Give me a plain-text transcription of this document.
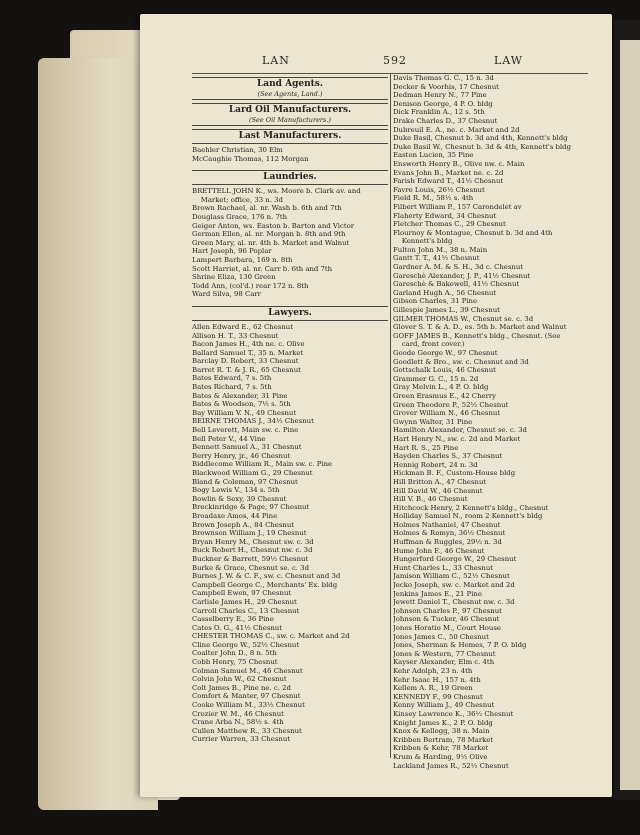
LAN	592	LAW
Land Agents.
(See Agents, Land.)
Lard Oil Manufacturers.
(See Oil Manufacturers.)
Last Manufacturers.
Baehler Christian, 30 Elm
McCaughie Thomas, 112 Morgan
Laundries.
BRETTELL JOHN K., ws. Moore b. Clark av. and
Market; office, 33 n. 3d
Brown Rachael, al. nr. Wash b. 6th and 7th
Douglass Grace, 176 n. 7th
Geiger Anton, ws. Easton b. Barton and Victor
German Ellen, al. nr. Morgan b. 8th and 9th
Green Mary, al. nr. 4th b. Market and Walnut
Hart Joseph, 96 Poplar
Lampert Barbara, 169 n. 8th
Scott Harriet, al. nr. Carr b. 6th and 7th
Shrine Eliza, 130 Green
Todd Ann, (col'd.) rear 172 n. 8th
Ward Silva, 98 Carr
Lawyers.
Allen Edward E., 62 Chesnut
Allison H. T., 33 Chesnut
Bacon James H., 4th ne. c. Olive
Ballard Samuel T., 35 n. Market
Barclay D. Robert, 33 Chesnut
Barret R. T. & J. R., 65 Chesnut
Bates Edward, 7 s. 5th
Bates Richard, 7 s. 5th
Bates & Alexander, 31 Pine
Bates & Woodson, 7½ s. 5th
Bay William V. N., 49 Chesnut
BEIRNE THOMAS J., 34½ Chesnut
Bell Leverett, Main sw. c. Pine
Bell Peter V., 44 Vine
Bennett Samuel A., 31 Chesnut
Berry Henry, jr., 46 Chesnut
Biddlecome William R., Main sw. c. Pine
Blackwood William G., 29 Chesnut
Bland & Coleman, 97 Chesnut
Bogy Lewis V., 134 s. 5th
Bowlin & Sexy, 39 Chesnut
Breckinridge & Page, 97 Chesnut
Broadaxe Amos, 44 Pine
Brown Joseph A., 84 Chesnut
Brownson William J., 19 Chesnut
Bryan Henry M., Chesnut sw. c. 3d
Buck Robert H., Chesnut nw. c. 3d
Buckner & Barrett, 59½ Chesnut
Burke & Grace, Chesnut se. c. 3d
Burnes J. W. & C. F., sw. c. Chesnut and 3d
Campbell George C., Merchants' Ex. bldg
Campbell Ewen, 97 Chesnut
Carlisle James H., 29 Chesnut
Carroll Charles C., 13 Chesnut
Casselberry E., 36 Pine
Cates O. G., 41½ Chesnut
CHESTER THOMAS C., sw. c. Market and 2d
Cline George W., 52½ Chesnut
Coalter John D., 8 n. 5th
Cobb Henry, 75 Chesnut
Colman Samuel M., 46 Chesnut
Colvin John W., 62 Chesnut
Colt James B., Pine ne. c. 2d
Comfort & Manter, 97 Chesnut
Cooke William M., 33½ Chesnut
Crozier W. M., 46 Chesnut
Crane Arba N., 58½ s. 4th
Cullen Matthew R., 33 Chesnut
Currier Warren, 33 Chesnut
Davis Thomas G. C., 15 n. 3d
Decker & Voorhis, 17 Chesnut
Dedman Henry N., 77 Pine
Denison George, 4 P. O. bldg
Dick Franklin A., 12 s. 5th
Drake Charles D., 37 Chesnut
Dubreuil E. A., ne. c. Market and 2d
Duke Basil, Chesnut b. 3d and 4th, Kennett's bldg
Duke Basil W., Chesnut b. 3d & 4th, Kennett's bldg
Easton Lucien, 35 Pine
Ensworth Henry B., Olive nw. c. Main
Evans John B., Market ne. c. 2d
Farish Edward T., 41½ Chesnut
Favre Louis, 26½ Chesnut
Field R. M., 58½ s. 4th
Filbert William P., 157 Carondelet av
Flaherty Edward, 34 Chesnut
Fletcher Thomas C., 29 Chesnut
Flournoy & Montague, Chesnut b. 3d and 4th
Kennett's bldg
Fulton John M., 38 n. Main
Gantt T. T., 41½ Chesnut
Gardner A. M. & S. H., 3d c. Chesnut
Gareschè Alexander, J. P., 41½ Chesnut
Gareschè & Bakewell, 41½ Chesnut
Garland Hugh A., 56 Chesnut
Gibson Charles, 31 Pine
Gillespie James L., 39 Chesnut
GILMER THOMAS W., Chesnut se. c. 3d
Glover S. T. & A. D., es. 5th b. Market and Walnut
GOFF JAMES B., Kennett's bldg., Chesnut. (See
card, front cover.)
Goode George W., 97 Chesnut
Goodlett & Bro., sw. c. Chesnut and 3d
Gottschalk Louis, 46 Chesnut
Grammer G. C., 15 n. 2d
Gray Melvin L., 4 P. O. bldg
Green Erasmus E., 42 Cherry
Green Theodore P., 52½ Chesnut
Grover William N., 46 Chesnut
Gwynn Walter, 31 Pine
Hamilton Alexander, Chesnut se. c. 3d
Hart Henry N., sw. c. 2d and Market
Hart R. S., 25 Pine
Hayden Charles S., 37 Chesnut
Hennig Robert, 24 n. 3d
Hickman B. F., Custom-House bldg
Hill Britton A., 47 Chesnut
Hill David W., 46 Chesnut
Hill V. B., 46 Chesnut
Hitchcock Henry, 2 Kennett's bldg., Chesnut
Holliday Samuel N., room 2 Kennett's bldg
Holmes Nathaniel, 47 Chesnut
Holmes & Romyn, 36½ Chesnut
Huffman & Ruggles, 29½ n. 3d
Hume John F., 46 Chesnut
Hungerford George W., 29 Chesnut
Hunt Charles L., 33 Chesnut
Jamison William C., 52½ Chesnut
Jecko Joseph, sw. c. Market and 2d
Jenkins James E., 21 Pine
Jewett Daniel T., Chesnut nw. c. 3d
Johnson Charles P., 97 Chesnut
Johnson & Tucker, 46 Chesnut
Jones Horatio M., Court House
Jones James C., 50 Chesnut
Jones, Sherman & Homes, 7 P. O. bldg
Jones & Western, 77 Chesnut
Kayser Alexander, Elm c. 4th
Kehr Adolph, 23 n. 4th
Kehr Isaac H., 157 n. 4th
Kellem A. R., 19 Green
KENNEDY F., 99 Chesnut
Kenny William J., 49 Chesnut
Kinsey Lawrence K., 36½ Chesnut
Knight James K., 2 P. O. bldg
Knox & Kellogg, 38 n. Main
Kribben Bertram, 78 Market
Kribben & Kehr, 78 Market
Krum & Harding, 9½ Olive
Lackland James R., 52½ Chesnut
